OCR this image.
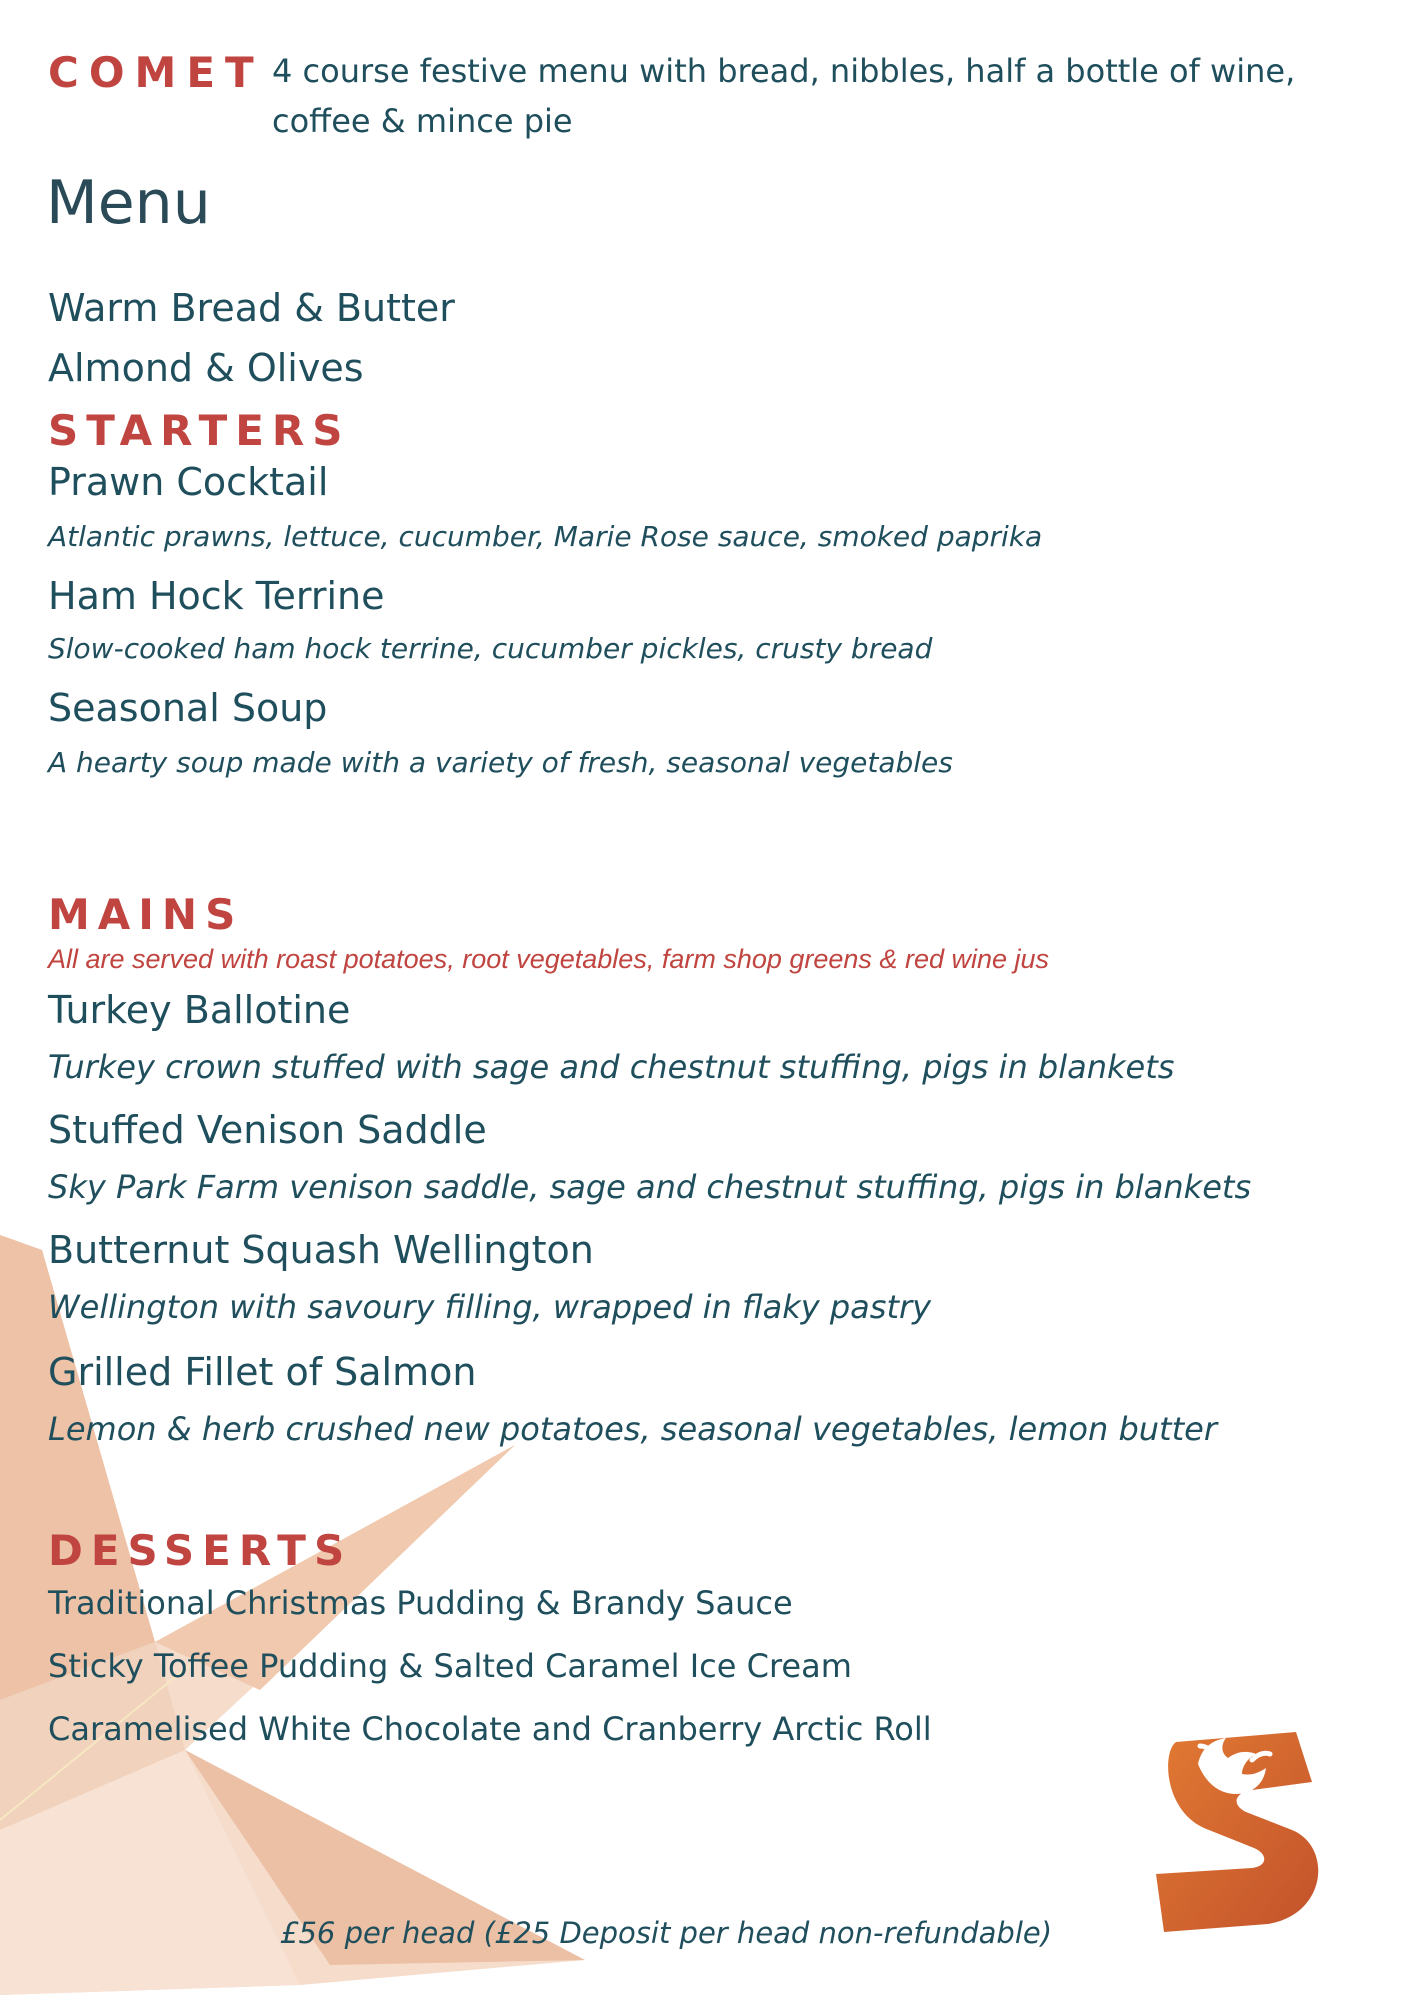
COMET 4 course festive menu with bread, nibbles, half a bottle of wine,
coffee & mince pie
Menu
Warm Bread & Butter
Almond & Olives
STARTERS
Prawn Cocktail
Atlantic prawns, lettuce, cucumber, Marie Rose sauce, smoked paprika
Ham Hock Terrine
Slow-cooked ham hock terrine, cucumber pickles, crusty bread
Seasonal Soup
A hearty soup made with a variety of fresh, seasonal vegetables
MAINS
All are served with roast potatoes, root vegetables, farm shop greens & red wine jus
Turkey Ballotine
Turkey crown stuffed with sage and chestnut stuffing, pigs in blankets
Stuffed Venison Saddle
Sky Park Farm venison saddle, sage and chestnut stuffing, pigs in blankets
Butternut Squash Wellington
Wellington with savoury filling, wrapped in flaky pastry
Grilled Fillet of Salmon
Lemon & herb crushed new potatoes, seasonal vegetables, lemon butter
DESSERTS
Traditional Christmas Pudding & Brandy Sauce
Sticky Toffee Pudding & Salted Caramel Ice Cream
Caramelised White Chocolate and Cranberry Arctic Roll
£56 per head (£25 Deposit per head non-refundable)
